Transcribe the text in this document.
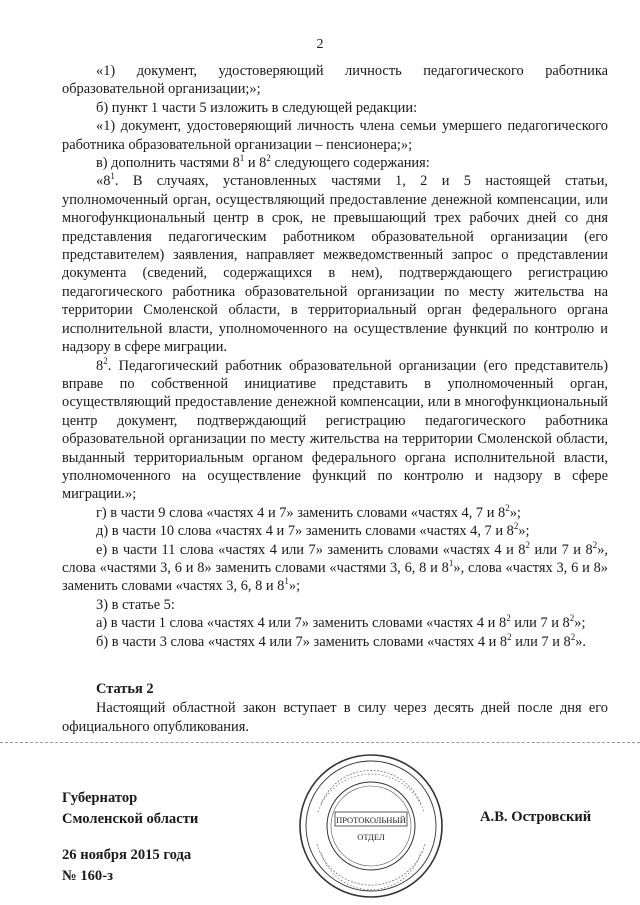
2

«1) документ, удостоверяющий личность педагогического работника образовательной организации;»;

б) пункт 1 части 5 изложить в следующей редакции:

«1) документ, удостоверяющий личность члена семьи умершего педагогического работника образовательной организации – пенсионера;»;

в) дополнить частями $8^1$ и $8^2$ следующего содержания:

«$8^1$. В случаях, установленных частями 1, 2 и 5 настоящей статьи, уполномоченный орган, осуществляющий предоставление денежной компенсации, или многофункциональный центр в срок, не превышающий трех рабочих дней со дня представления педагогическим работником образовательной организации (его представителем) заявления, направляет межведомственный запрос о представлении документа (сведений, содержащихся в нем), подтверждающего регистрацию педагогического работника образовательной организации по месту жительства на территории Смоленской области, в территориальный орган федерального органа исполнительной власти, уполномоченного на осуществление функций по контролю и надзору в сфере миграции.

$8^2$. Педагогический работник образовательной организации (его представитель) вправе по собственной инициативе представить в уполномоченный орган, осуществляющий предоставление денежной компенсации, или в многофункциональный центр документ, подтверждающий регистрацию педагогического работника образовательной организации по месту жительства на территории Смоленской области, выданный территориальным органом федерального органа исполнительной власти, уполномоченного на осуществление функций по контролю и надзору в сфере миграции.»;

г) в части 9 слова «частях 4 и 7» заменить словами «частях 4, 7 и $8^2$»;

д) в части 10 слова «частях 4 и 7» заменить словами «частях 4, 7 и $8^2$»;

е) в части 11 слова «частях 4 или 7» заменить словами «частях 4 и $8^2$ или 7 и $8^2$», слова «частями 3, 6 и 8» заменить словами «частями 3, 6, 8 и $8^1$», слова «частях 3, 6 и 8» заменить словами «частях 3, 6, 8 и $8^1$»;

3) в статье 5:

а) в части 1 слова «частях 4 или 7» заменить словами «частях 4 и $8^2$ или 7 и $8^2$»;

б) в части 3 слова «частях 4 или 7» заменить словами «частях 4 и $8^2$ или 7 и $8^2$».

Статья 2

Настоящий областной закон вступает в силу через десять дней после дня его официального опубликования.

Губернатор
Смоленской области	А.В. Островский
26 ноября 2015 года
№ 160-з
ПРОТОКОЛЬНЫЙ
ОТДЕЛ
